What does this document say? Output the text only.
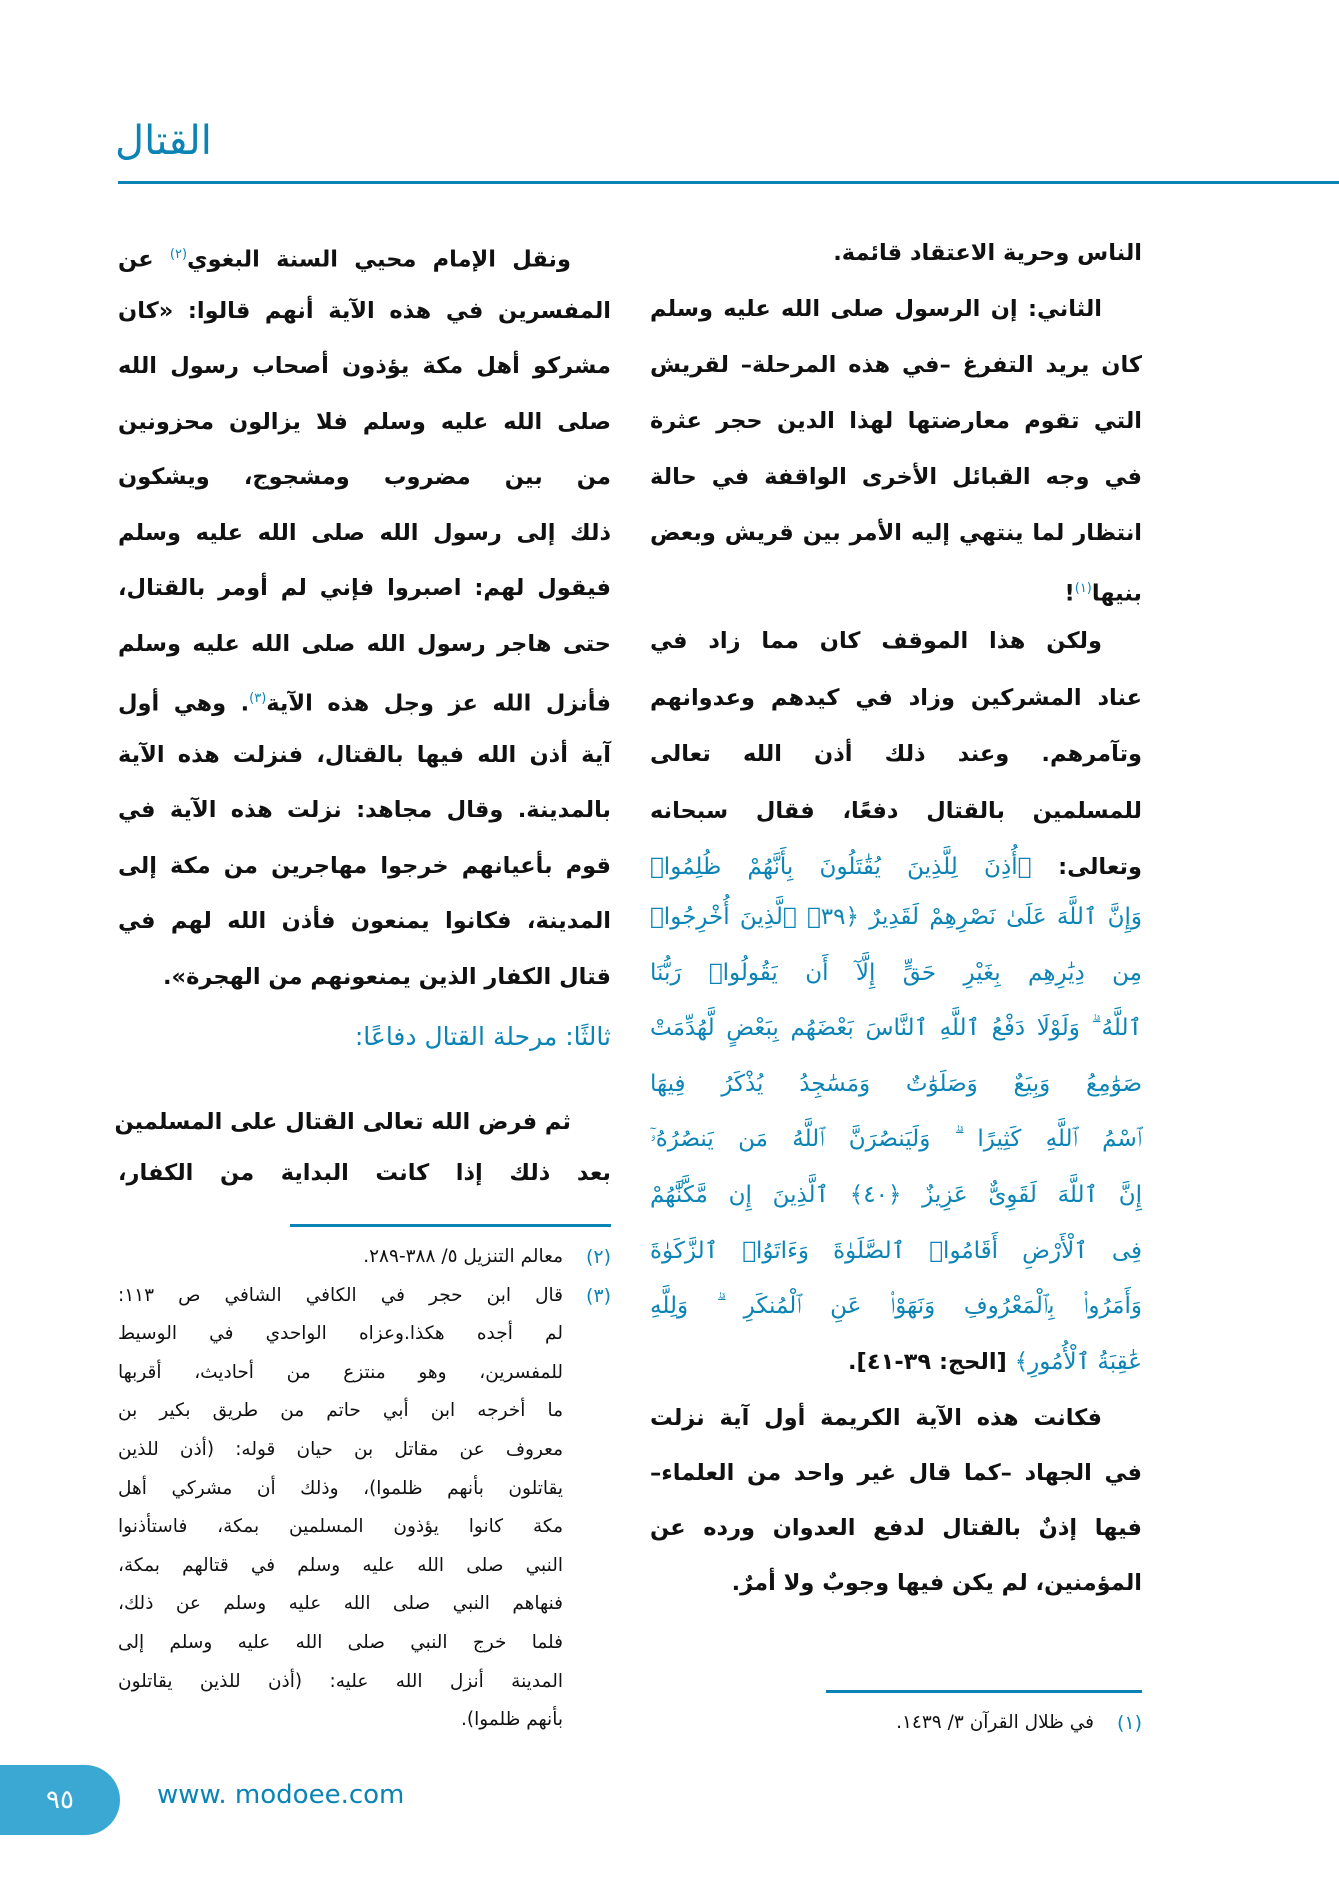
القتال
الناس وحرية الاعتقاد قائمة.
الثاني: إن الرسول صلى الله عليه وسلم
كان يريد التفرغ –في هذه المرحلة– لقريش
التي تقوم معارضتها لهذا الدين حجر عثرة
في وجه القبائل الأخرى الواقفة في حالة
انتظار لما ينتهي إليه الأمر بين قريش وبعض
بنيها$^{(١)}$!
ولكن هذا الموقف كان مما زاد في
عناد المشركين وزاد في كيدهم وعدوانهم
وتآمرهم. وعند ذلك أذن الله تعالى
للمسلمين بالقتال دفعًا، فقال سبحانه
وتعالى: ﴿أُذِنَ لِلَّذِينَ يُقَٰتَلُونَ بِأَنَّهُمْ ظُلِمُوا۟
وَإِنَّ ٱللَّهَ عَلَىٰ نَصْرِهِمْ لَقَدِيرٌ ﴿٣٩﴾ ٱلَّذِينَ أُخْرِجُوا۟
مِن دِيَٰرِهِم بِغَيْرِ حَقٍّ إِلَّآ أَن يَقُولُوا۟ رَبُّنَا
ٱللَّهُ ۗ وَلَوْلَا دَفْعُ ٱللَّهِ ٱلنَّاسَ بَعْضَهُم بِبَعْضٍ لَّهُدِّمَتْ
صَوَٰمِعُ وَبِيَعٌ وَصَلَوَٰتٌ وَمَسَٰجِدُ يُذْكَرُ فِيهَا
ٱسْمُ ٱللَّهِ كَثِيرًا ۗ وَلَيَنصُرَنَّ ٱللَّهُ مَن يَنصُرُهُۥٓ
إِنَّ ٱللَّهَ لَقَوِىٌّ عَزِيزٌ ﴿٤٠﴾ ٱلَّذِينَ إِن مَّكَّنَّٰهُمْ
فِى ٱلْأَرْضِ أَقَامُوا۟ ٱلصَّلَوٰةَ وَءَاتَوُا۟ ٱلزَّكَوٰةَ
وَأَمَرُوا۟ بِٱلْمَعْرُوفِ وَنَهَوْا۟ عَنِ ٱلْمُنكَرِ ۗ وَلِلَّهِ
عَٰقِبَةُ ٱلْأُمُورِ﴾ [الحج: ٣٩-٤١].
فكانت هذه الآية الكريمة أول آية نزلت
في الجهاد –كما قال غير واحد من العلماء–
فيها إذنٌ بالقتال لدفع العدوان ورده عن
المؤمنين، لم يكن فيها وجوبٌ ولا أمرٌ.
ونقل الإمام محيي السنة البغوي$^{(٢)}$ عن
المفسرين في هذه الآية أنهم قالوا: «كان
مشركو أهل مكة يؤذون أصحاب رسول الله
صلى الله عليه وسلم فلا يزالون محزونين
من بين مضروب ومشجوج، ويشكون
ذلك إلى رسول الله صلى الله عليه وسلم
فيقول لهم: اصبروا فإني لم أومر بالقتال،
حتى هاجر رسول الله صلى الله عليه وسلم
فأنزل الله عز وجل هذه الآية$^{(٣)}$. وهي أول
آية أذن الله فيها بالقتال، فنزلت هذه الآية
بالمدينة. وقال مجاهد: نزلت هذه الآية في
قوم بأعيانهم خرجوا مهاجرين من مكة إلى
المدينة، فكانوا يمنعون فأذن الله لهم في
قتال الكفار الذين يمنعونهم من الهجرة».
ثم فرض الله تعالى القتال على المسلمين
بعد ذلك إذا كانت البداية من الكفار،
ثالثًا: مرحلة القتال دفاعًا:
٩٥	www. modoee.com
(٢)
معالم التنزيل ٥/ ٣٨٨-٢٨٩.
(٣)
قال ابن حجر في الكافي الشافي ص ١١٣:
لم أجده هكذا.وعزاه الواحدي في الوسيط
للمفسرين، وهو منتزع من أحاديث، أقربها
ما أخرجه ابن أبي حاتم من طريق بكير بن
معروف عن مقاتل بن حيان قوله: (أذن للذين
يقاتلون بأنهم ظلموا)، وذلك أن مشركي أهل
مكة كانوا يؤذون المسلمين بمكة، فاستأذنوا
النبي صلى الله عليه وسلم في قتالهم بمكة،
فنهاهم النبي صلى الله عليه وسلم عن ذلك،
فلما خرج النبي صلى الله عليه وسلم إلى
المدينة أنزل الله عليه: (أذن للذين يقاتلون
بأنهم ظلموا).	(١)
في ظلال القرآن ٣/ ١٤٣٩.
